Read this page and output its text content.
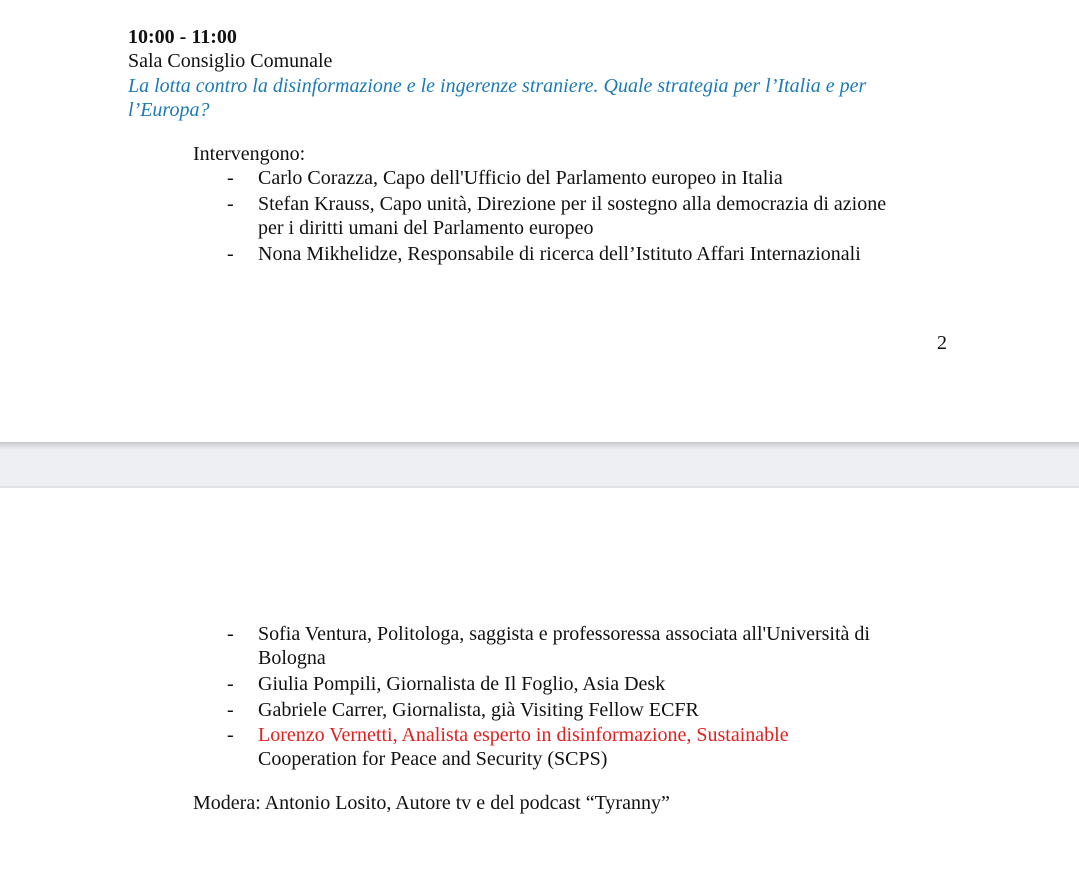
10:00 - 11:00
Sala Consiglio Comunale
La lotta contro la disinformazione e le ingerenze straniere. Quale strategia per l’Italia e per
l’Europa?
Intervengono:
- Carlo Corazza, Capo dell'Ufficio del Parlamento europeo in Italia
- Stefan Krauss, Capo unità, Direzione per il sostegno alla democrazia di azione
per i diritti umani del Parlamento europeo
- Nona Mikhelidze, Responsabile di ricerca dell’Istituto Affari Internazionali
2
- Sofia Ventura, Politologa, saggista e professoressa associata all'Università di
Bologna
- Giulia Pompili, Giornalista de Il Foglio, Asia Desk
- Gabriele Carrer, Giornalista, già Visiting Fellow ECFR
- Lorenzo Vernetti, Analista esperto in disinformazione, Sustainable
Cooperation for Peace and Security (SCPS)
Modera: Antonio Losito, Autore tv e del podcast “Tyranny”
